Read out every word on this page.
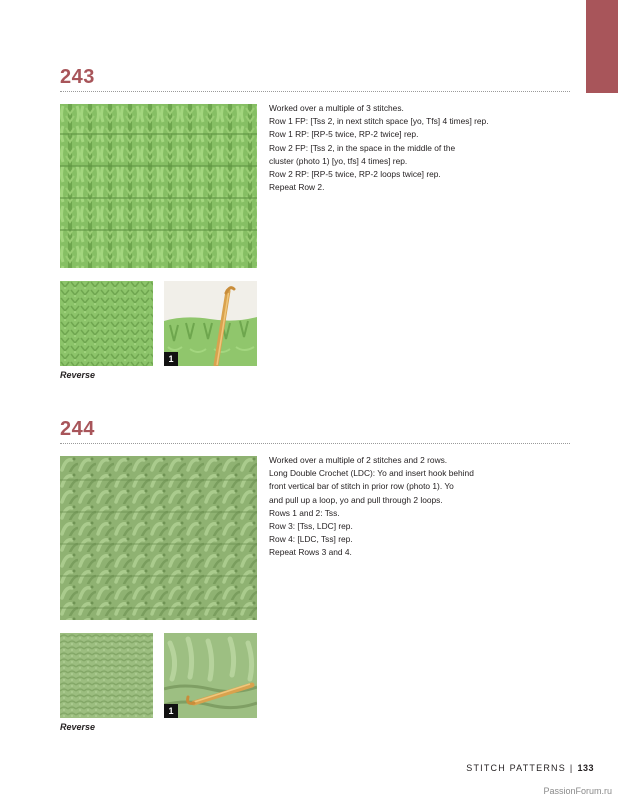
243
1
Reverse

Worked over a multiple of 3 stitches.

Row 1 FP: [Tss 2, in next stitch space [yo, Tfs] 4 times] rep.

Row 1 RP: [RP-5 twice, RP-2 twice] rep.

Row 2 FP: [Tss 2, in the space in the middle of the

cluster (photo 1) [yo, tfs] 4 times] rep.

Row 2 RP: [RP-5 twice, RP-2 loops twice] rep.

Repeat Row 2.

244
1
Reverse

Worked over a multiple of 2 stitches and 2 rows.

Long Double Crochet (LDC): Yo and insert hook behind

front vertical bar of stitch in prior row (photo 1). Yo

and pull up a loop, yo and pull through 2 loops.

Rows 1 and 2: Tss.

Row 3: [Tss, LDC] rep.

Row 4: [LDC, Tss] rep.

Repeat Rows 3 and 4.

STITCH PATTERNS | 133
PassionForum.ru
